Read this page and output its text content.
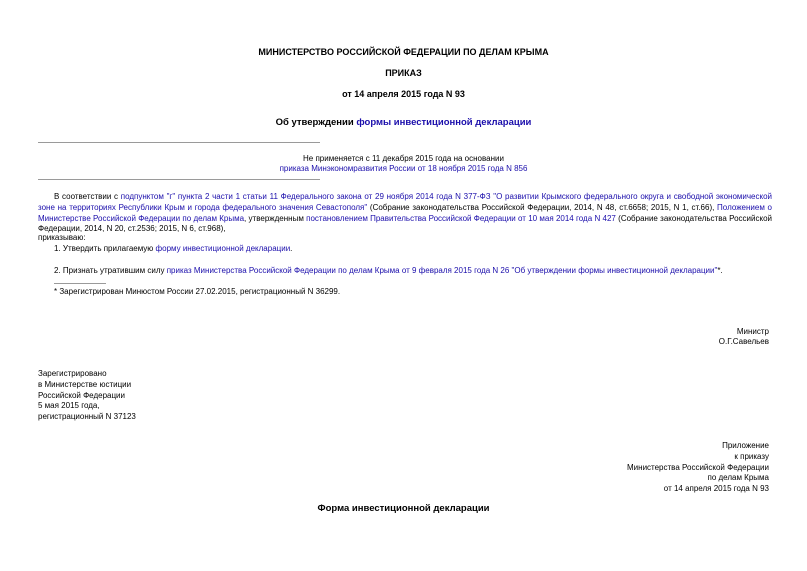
МИНИСТЕРСТВО РОССИЙСКОЙ ФЕДЕРАЦИИ ПО ДЕЛАМ КРЫМА
ПРИКАЗ
от 14 апреля 2015 года N 93
Об утверждении формы инвестиционной декларации
Не применяется с 11 декабря 2015 года на основании
приказа Минэкономразвития России от 18 ноября 2015 года N 856
В соответствии с подпунктом "г" пункта 2 части 1 статьи 11 Федерального закона от 29 ноября 2014 года N 377-ФЗ "О развитии Крымского федерального округа и свободной экономической зоне на территориях Республики Крым и города федерального значения Севастополя" (Собрание законодательства Российской Федерации, 2014, N 48, ст.6658; 2015, N 1, ст.66), Положением о Министерстве Российской Федерации по делам Крыма, утвержденным постановлением Правительства Российской Федерации от 10 мая 2014 года N 427 (Собрание законодательства Российской Федерации, 2014, N 20, ст.2536; 2015, N 6, ст.968),
приказываю:
1. Утвердить прилагаемую форму инвестиционной декларации.
2. Признать утратившим силу приказ Министерства Российской Федерации по делам Крыма от 9 февраля 2015 года N 26 "Об утверждении формы инвестиционной декларации"*.
* Зарегистрирован Минюстом России 27.02.2015, регистрационный N 36299.
Министр
О.Г.Савельев
Зарегистрировано
в Министерстве юстиции
Российской Федерации
5 мая 2015 года,
регистрационный N 37123
Приложение
к приказу
Министерства Российской Федерации
по делам Крыма
от 14 апреля 2015 года N 93
Форма инвестиционной декларации
